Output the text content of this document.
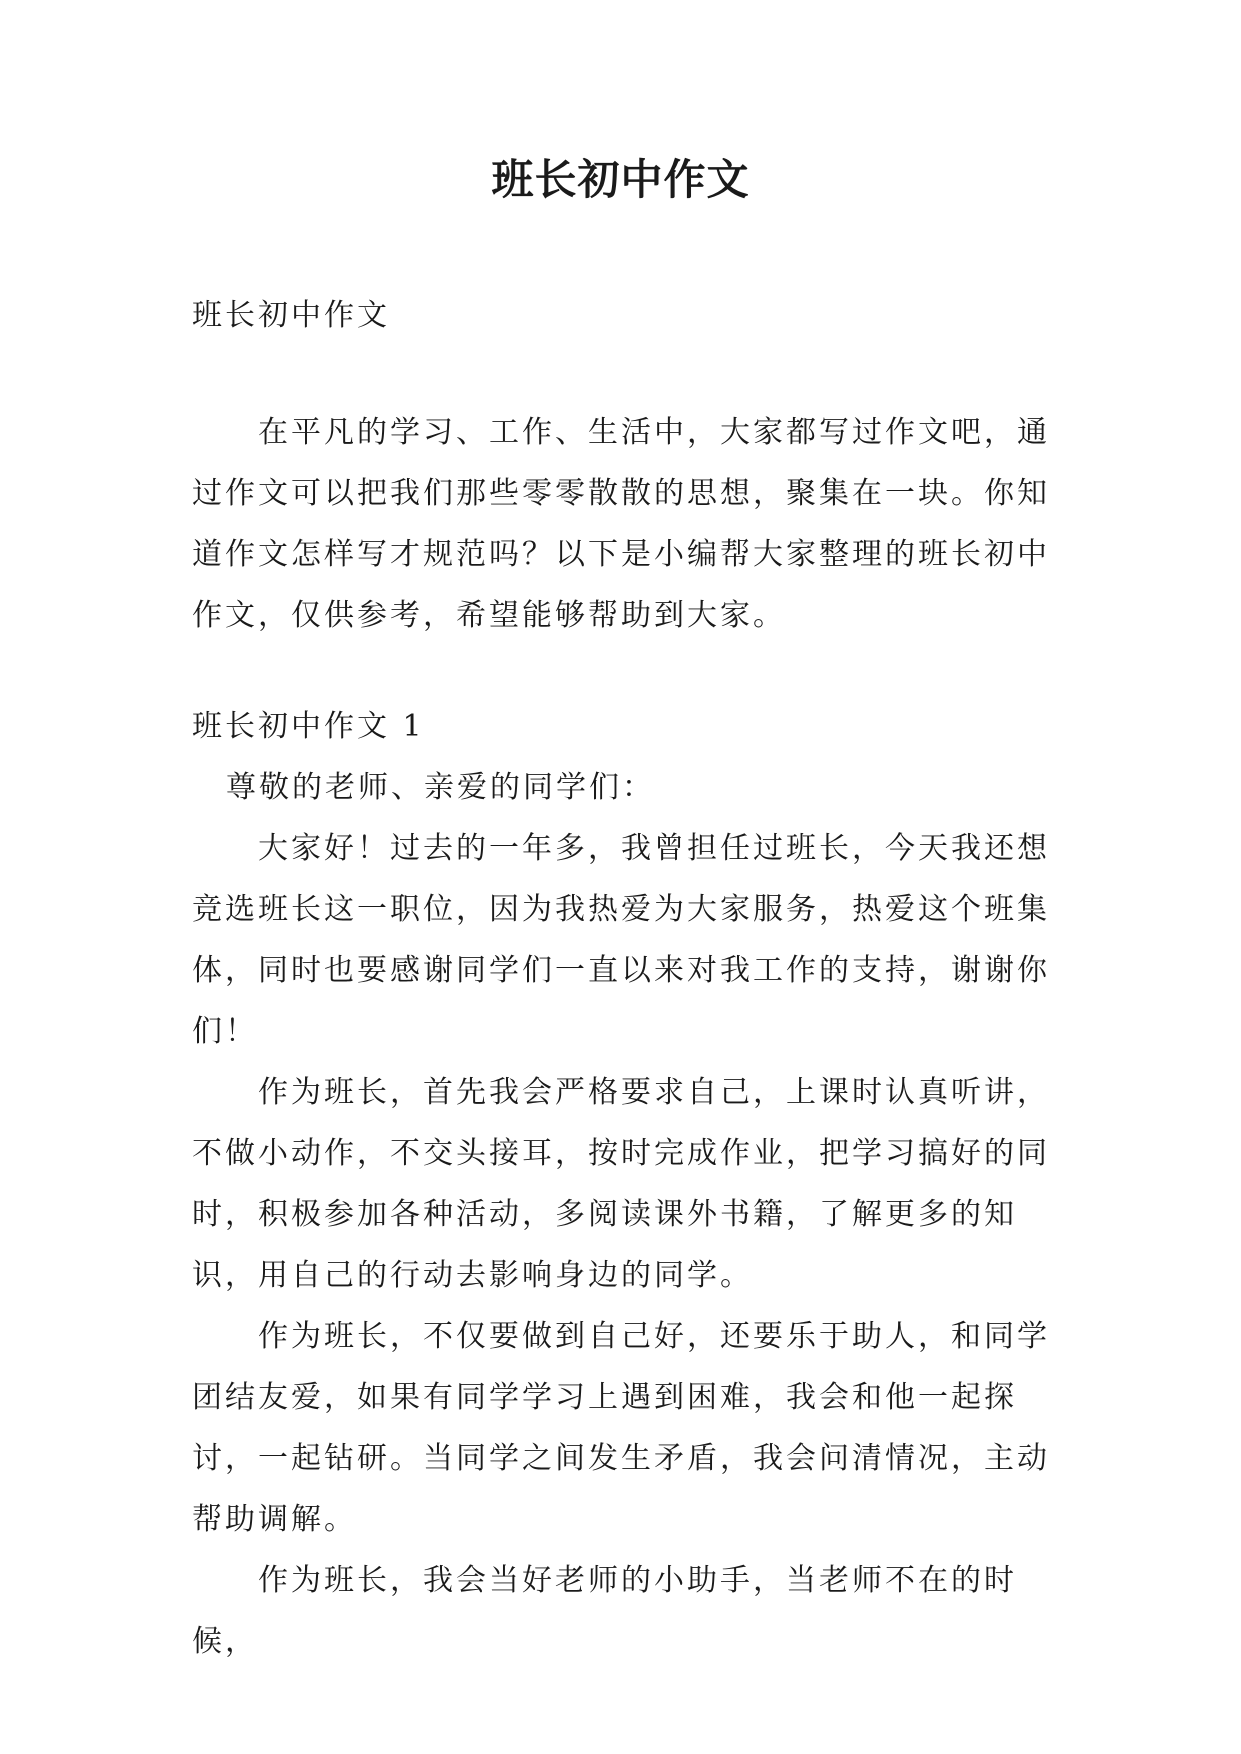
班长初中作文

班长初中作文

在平凡的学习、工作、生活中，大家都写过作文吧，通过作文可以把我们那些零零散散的思想，聚集在一块。你知道作文怎样写才规范吗？以下是小编帮大家整理的班长初中作文，仅供参考，希望能够帮助到大家。

班长初中作文 1

尊敬的老师、亲爱的同学们：

大家好！过去的一年多，我曾担任过班长，今天我还想竞选班长这一职位，因为我热爱为大家服务，热爱这个班集体，同时也要感谢同学们一直以来对我工作的支持，谢谢你们！

作为班长，首先我会严格要求自己，上课时认真听讲，不做小动作，不交头接耳，按时完成作业，把学习搞好的同时，积极参加各种活动，多阅读课外书籍，了解更多的知识，用自己的行动去影响身边的同学。

作为班长，不仅要做到自己好，还要乐于助人，和同学团结友爱，如果有同学学习上遇到困难，我会和他一起探讨，一起钻研。当同学之间发生矛盾，我会问清情况，主动帮助调解。

作为班长，我会当好老师的小助手，当老师不在的时候，
